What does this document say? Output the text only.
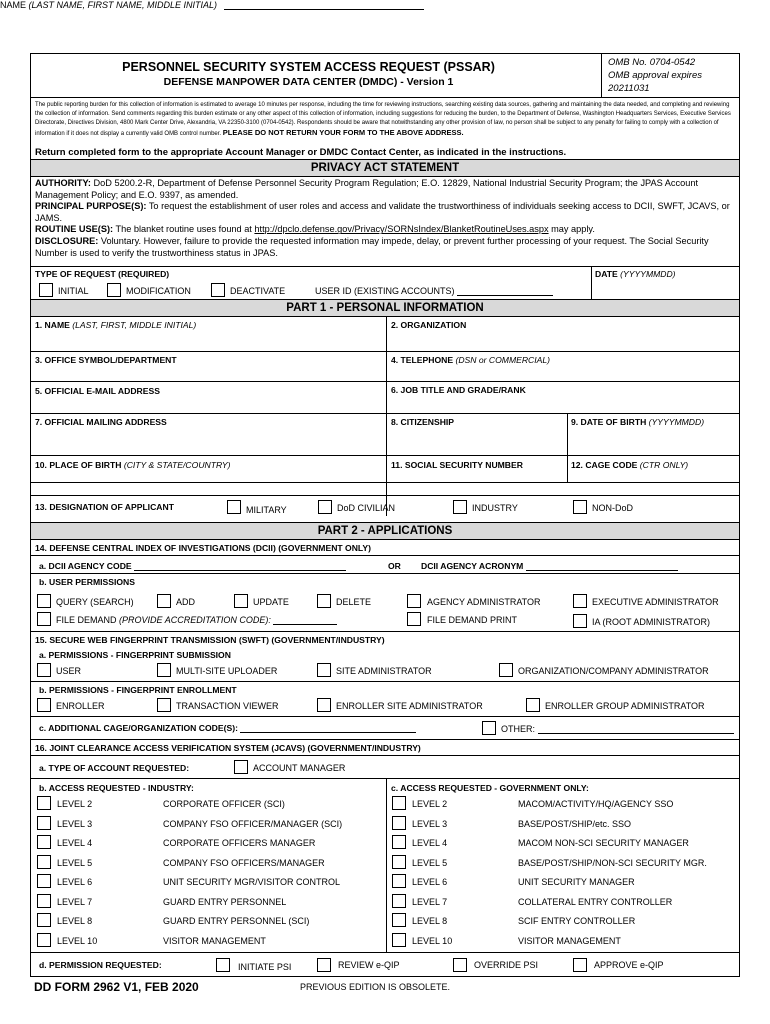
NAME (LAST NAME, FIRST NAME, MIDDLE INITIAL)
PERSONNEL SECURITY SYSTEM ACCESS REQUEST (PSSAR)
DEFENSE MANPOWER DATA CENTER (DMDC) - Version 1
OMB No. 0704-0542
OMB approval expires
20211031
The public reporting burden for this collection of information is estimated to average 10 minutes per response, including the time for reviewing instructions, searching existing data sources, gathering and maintaining the data needed, and completing and reviewing the collection of information. Send comments regarding this burden estimate or any other aspect of this collection of information, including suggestions for reducing the burden, to the Department of Defense, Washington Headquarters Services, Executive Services Directorate, Directives Division, 4800 Mark Center Drive, Alexandria, VA 22350-3100 (0704-0542). Respondents should be aware that notwithstanding any other provision of law, no person shall be subject to any penalty for failing to comply with a collection of information if it does not display a currently valid OMB control number. PLEASE DO NOT RETURN YOUR FORM TO THE ABOVE ADDRESS.
Return completed form to the appropriate Account Manager or DMDC Contact Center, as indicated in the instructions.
PRIVACY ACT STATEMENT
AUTHORITY: DoD 5200.2-R, Department of Defense Personnel Security Program Regulation; E.O. 12829, National Industrial Security Program; the JPAS Account Management Policy; and E.O. 9397, as amended.
PRINCIPAL PURPOSE(S): To request the establishment of user roles and access and validate the trustworthiness of individuals seeking access to DCII, SWFT, JCAVS, or JAMS.
ROUTINE USE(S): The blanket routine uses found at http://dpclo.defense.gov/Privacy/SORNsIndex/BlanketRoutineUses.aspx may apply.
DISCLOSURE: Voluntary. However, failure to provide the requested information may impede, delay, or prevent further processing of your request. The Social Security Number is used to verify the trustworthiness status in JPAS.
TYPE OF REQUEST (REQUIRED)	DATE (YYYYMMDD)
INITIAL	MODIFICATION	DEACTIVATE	USER ID (EXISTING ACCOUNTS)
PART 1 - PERSONAL INFORMATION
1. NAME (LAST, FIRST, MIDDLE INITIAL)	2. ORGANIZATION
3. OFFICE SYMBOL/DEPARTMENT	4. TELEPHONE (DSN or COMMERCIAL)
5. OFFICIAL E-MAIL ADDRESS	6. JOB TITLE AND GRADE/RANK
7. OFFICIAL MAILING ADDRESS	8. CITIZENSHIP	9. DATE OF BIRTH (YYYYMMDD)
10. PLACE OF BIRTH (CITY & STATE/COUNTRY)	11. SOCIAL SECURITY NUMBER	12. CAGE CODE (CTR ONLY)
13. DESIGNATION OF APPLICANT	MILITARY	DoD CIVILIAN	INDUSTRY	NON-DoD
PART 2 - APPLICATIONS
14. DEFENSE CENTRAL INDEX OF INVESTIGATIONS (DCII) (GOVERNMENT ONLY)
a. DCII AGENCY CODE	OR DCII AGENCY ACRONYM
b. USER PERMISSIONS
QUERY (SEARCH)	ADD	UPDATE	DELETE	AGENCY ADMINISTRATOR	EXECUTIVE ADMINISTRATOR
FILE DEMAND (PROVIDE ACCREDITATION CODE):	FILE DEMAND PRINT	IA (ROOT ADMINISTRATOR)
15. SECURE WEB FINGERPRINT TRANSMISSION (SWFT) (GOVERNMENT/INDUSTRY)
a. PERMISSIONS - FINGERPRINT SUBMISSION
USER	MULTI-SITE UPLOADER	SITE ADMINISTRATOR	ORGANIZATION/COMPANY ADMINISTRATOR
b. PERMISSIONS - FINGERPRINT ENROLLMENT
ENROLLER	TRANSACTION VIEWER	ENROLLER SITE ADMINISTRATOR	ENROLLER GROUP ADMINISTRATOR
c. ADDITIONAL CAGE/ORGANIZATION CODE(S):	OTHER:
16. JOINT CLEARANCE ACCESS VERIFICATION SYSTEM (JCAVS) (GOVERNMENT/INDUSTRY)
a. TYPE OF ACCOUNT REQUESTED:	ACCOUNT MANAGER
b. ACCESS REQUESTED - INDUSTRY:	c. ACCESS REQUESTED - GOVERNMENT ONLY:
LEVEL 2	CORPORATE OFFICER (SCI)
LEVEL 3	COMPANY FSO OFFICER/MANAGER (SCI)
LEVEL 4	CORPORATE OFFICERS MANAGER
LEVEL 5	COMPANY FSO OFFICERS/MANAGER
LEVEL 6	UNIT SECURITY MGR/VISITOR CONTROL
LEVEL 7	GUARD ENTRY PERSONNEL
LEVEL 8	GUARD ENTRY PERSONNEL (SCI)
LEVEL 10	VISITOR MANAGEMENT
LEVEL 2	MACOM/ACTIVITY/HQ/AGENCY SSO
LEVEL 3	BASE/POST/SHIP/etc. SSO
LEVEL 4	MACOM NON-SCI SECURITY MANAGER
LEVEL 5	BASE/POST/SHIP/NON-SCI SECURITY MGR.
LEVEL 6	UNIT SECURITY MANAGER
LEVEL 7	COLLATERAL ENTRY CONTROLLER
LEVEL 8	SCIF ENTRY CONTROLLER
LEVEL 10	VISITOR MANAGEMENT
d. PERMISSION REQUESTED:	INITIATE PSI	REVIEW e-QIP	OVERRIDE PSI	APPROVE e-QIP
DD FORM 2962 V1, FEB 2020	PREVIOUS EDITION IS OBSOLETE.
